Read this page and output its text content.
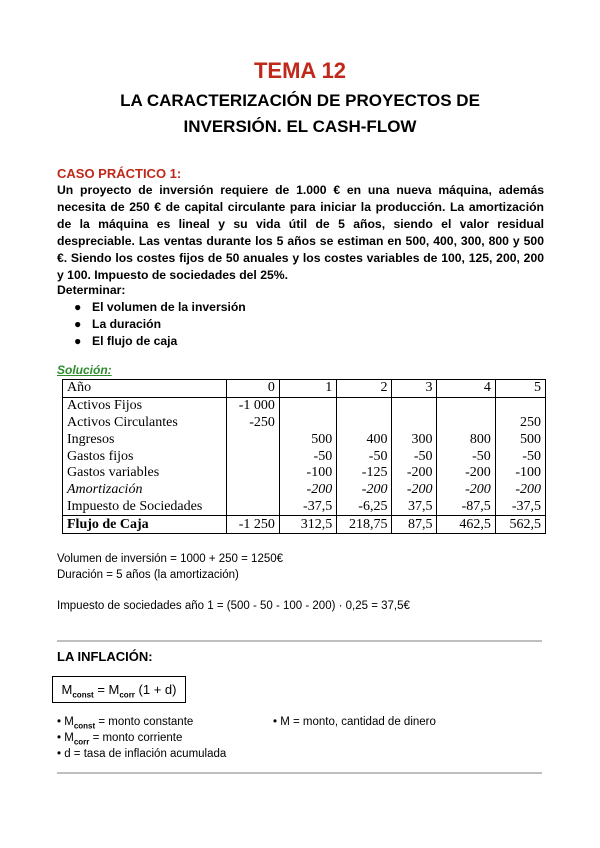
TEMA 12
LA CARACTERIZACIÓN DE PROYECTOS DE
INVERSIÓN. EL CASH-FLOW
CASO PRÁCTICO 1:
Un proyecto de inversión requiere de 1.000 € en una nueva máquina, además necesita de 250 € de capital circulante para iniciar la producción. La amortización de la máquina es lineal y su vida útil de 5 años, siendo el valor residual despreciable. Las ventas durante los 5 años se estiman en 500, 400, 300, 800 y 500 €. Siendo los costes fijos de 50 anuales y los costes variables de 100, 125, 200, 200 y 100. Impuesto de sociedades del 25%.
Determinar:
● El volumen de la inversión
● La duración
● El flujo de caja
Solución:
Año	0	1	2	3	4	5
Activos Fijos	-1 000					
Activos Circulantes	-250					250
Ingresos		500	400	300	800	500
Gastos fijos		-50	-50	-50	-50	-50
Gastos variables		-100	-125	-200	-200	-100
Amortización		-200	-200	-200	-200	-200
Impuesto de Sociedades		-37,5	-6,25	37,5	-87,5	-37,5
Flujo de Caja	-1 250	312,5	218,75	87,5	462,5	562,5
Volumen de inversión = 1000 + 250 = 1250€
Duración = 5 años (la amortización)
Impuesto de sociedades año 1 = (500 - 50 - 100 - 200) · 0,25 = 37,5€
LA INFLACIÓN:
$M_{const} = M_{corr}$ (1 + d)
• $M_{const}$ = monto constante
• $M_{corr}$ = monto corriente
• d = tasa de inflación acumulada
• M = monto, cantidad de dinero
